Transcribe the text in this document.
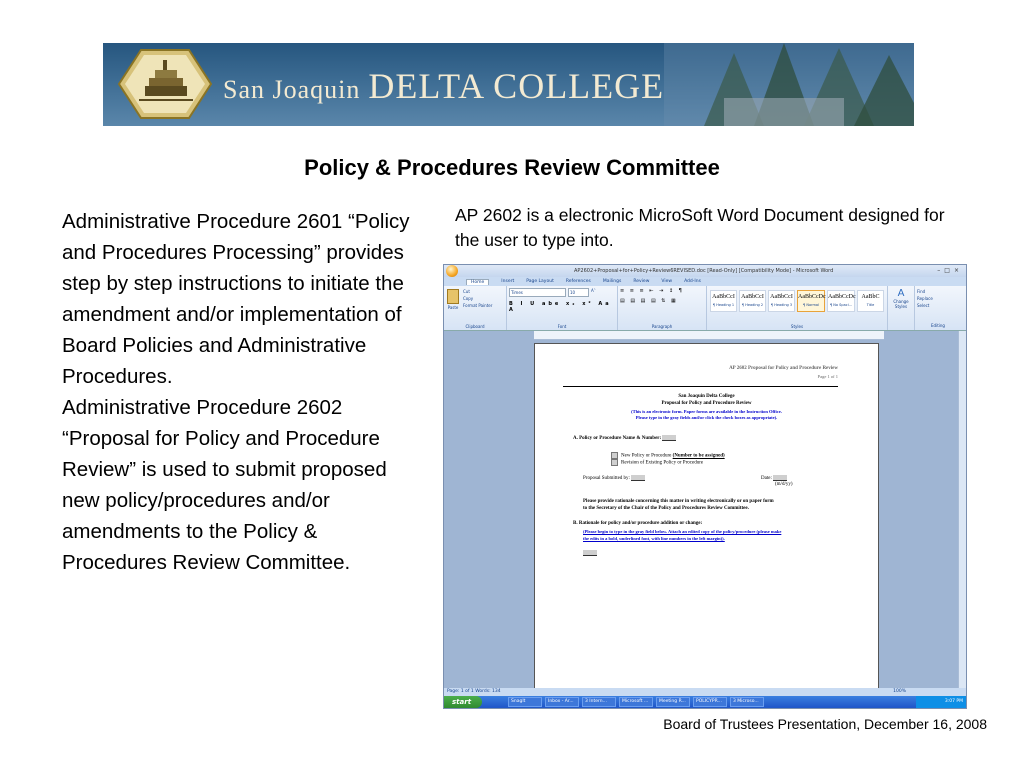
San Joaquin DELTA COLLEGE
Policy & Procedures Review Committee

Administrative Procedure 2601 “Policy and Procedures Processing” provides step by step instructions to initiate the amendment and/or implementation of Board Policies and Administrative Procedures.

Administrative Procedure 2602 “Proposal for Policy and Procedure Review” is used to submit proposed new policy/procedures and/or amendments to the Policy & Procedures Review Committee.

AP 2602 is a electronic MicroSoft Word Document designed for the user to type into.
AP2602+Proposal+for+Policy+Review6REVISED.doc [Read-Only] [Compatibility Mode] - Microsoft Word	–□×
Home	Insert	Page Layout	References	Mailings	Review	View	Add-Ins
Paste
Cut
Copy
Format Painter
Clipboard
Times	10	A˄
B I U abe x₂ x² Aa A
Font
≡ ≡ ≡ ⇤ ⇥ ↕ ¶
▤ ▤ ▤ ▤ ⇅ ▦
Paragraph
AaBbCcI
¶ Heading 1
AaBbCcI
¶ Heading 2
AaBbCcI
¶ Heading 3
AaBbCcDc
¶ Normal
AaBbCcDc
¶ No Spaci...
AaBbC
Title
Styles
A
Change Styles
Find
Replace
Select
Editing
AP 2602 Proposal for Policy and Procedure Review
Page 1 of 1
San Joaquin Delta College
Proposal for Policy and Procedure Review
(This is an electronic form. Paper forms are available in the Instruction Office.
Please type in the gray fields and/or click the check boxes as appropriate).
A. Policy or Procedure Name & Number:
New Policy or Procedure (Number to be assigned)
Revision of Existing Policy or Procedure
Proposal Submitted by:	Date:
(m/d/yy)
Please provide rationale concerning this matter in writing electronically or on paper form
to the Secretary of the Chair of the Policy and Procedures Review Committee.
B. Rationale for policy and/or procedure addition or change:
(Please begin to type in the gray field below. Attach an edited copy of the policy/procedure (please make
the edits in a bold, underlined font, with line numbers in the left margin)).
Page: 1 of 1 Words: 134	100%
start	SnagIt	Inbox - Ar...	3 Intern...	Microsoft ...	Meeting R...	POLICYPR...	3 Microso...	3:07 PM
Board of Trustees Presentation, December 16, 2008
